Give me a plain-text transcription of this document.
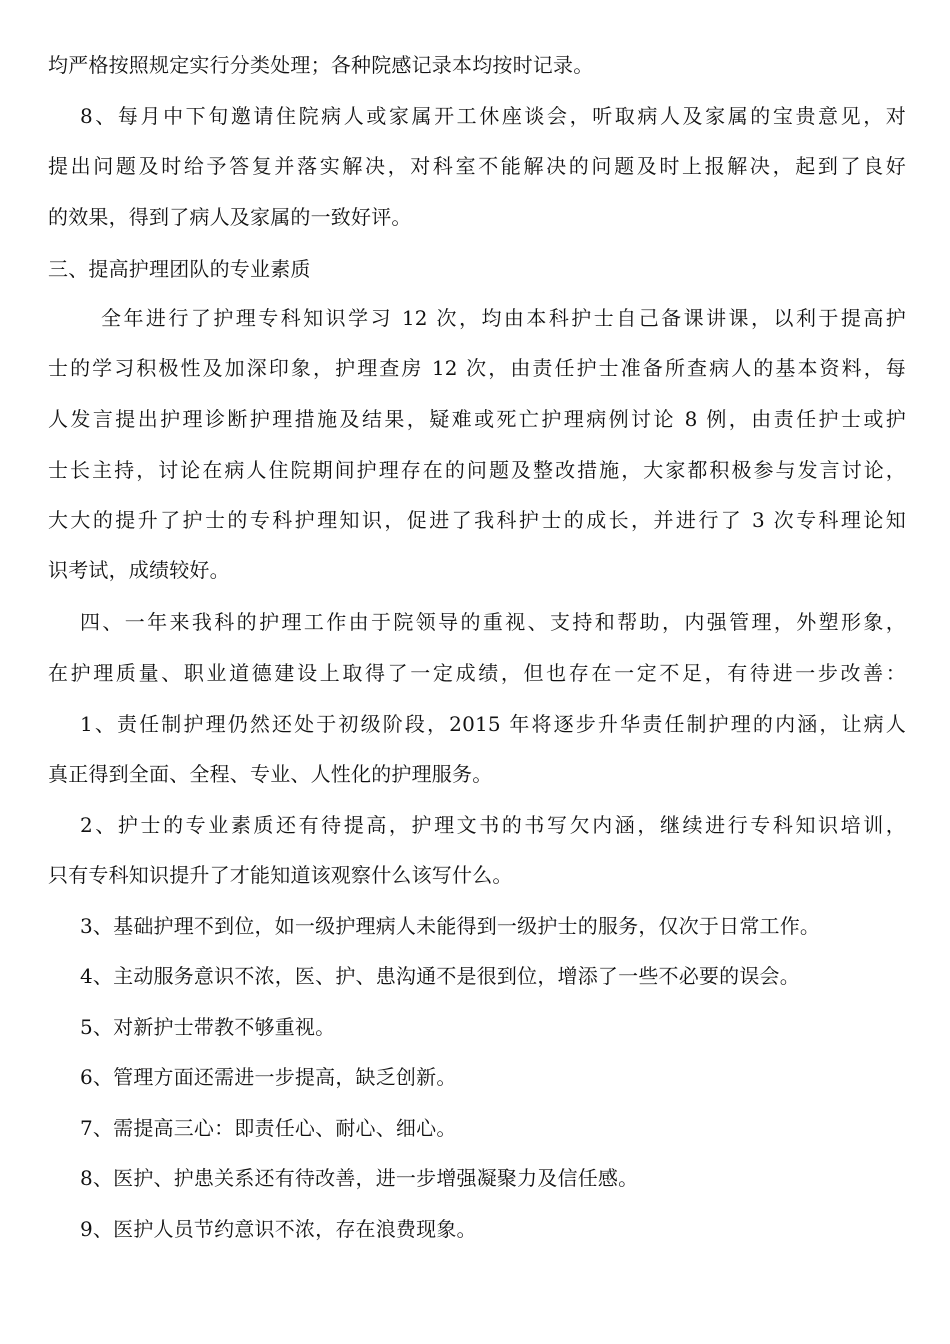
均严格按照规定实行分类处理；各种院感记录本均按时记录。
8、每月中下旬邀请住院病人或家属开工休座谈会，听取病人及家属的宝贵意见，对
提出问题及时给予答复并落实解决，对科室不能解决的问题及时上报解决，起到了良好
的效果，得到了病人及家属的一致好评。
三、提高护理团队的专业素质
全年进行了护理专科知识学习 12 次，均由本科护士自己备课讲课，以利于提高护
士的学习积极性及加深印象，护理查房 12 次，由责任护士准备所查病人的基本资料，每
人发言提出护理诊断护理措施及结果，疑难或死亡护理病例讨论 8 例，由责任护士或护
士长主持，讨论在病人住院期间护理存在的问题及整改措施，大家都积极参与发言讨论，
大大的提升了护士的专科护理知识，促进了我科护士的成长，并进行了 3 次专科理论知
识考试，成绩较好。
四、一年来我科的护理工作由于院领导的重视、支持和帮助，内强管理，外塑形象，
在护理质量、职业道德建设上取得了一定成绩，但也存在一定不足，有待进一步改善：
1、责任制护理仍然还处于初级阶段，2015 年将逐步升华责任制护理的内涵，让病人
真正得到全面、全程、专业、人性化的护理服务。
2、护士的专业素质还有待提高，护理文书的书写欠内涵，继续进行专科知识培训，
只有专科知识提升了才能知道该观察什么该写什么。
3、基础护理不到位，如一级护理病人未能得到一级护士的服务，仅次于日常工作。
4、主动服务意识不浓，医、护、患沟通不是很到位，增添了一些不必要的误会。
5、对新护士带教不够重视。
6、管理方面还需进一步提高，缺乏创新。
7、需提高三心：即责任心、耐心、细心。
8、医护、护患关系还有待改善，进一步增强凝聚力及信任感。
9、医护人员节约意识不浓，存在浪费现象。
